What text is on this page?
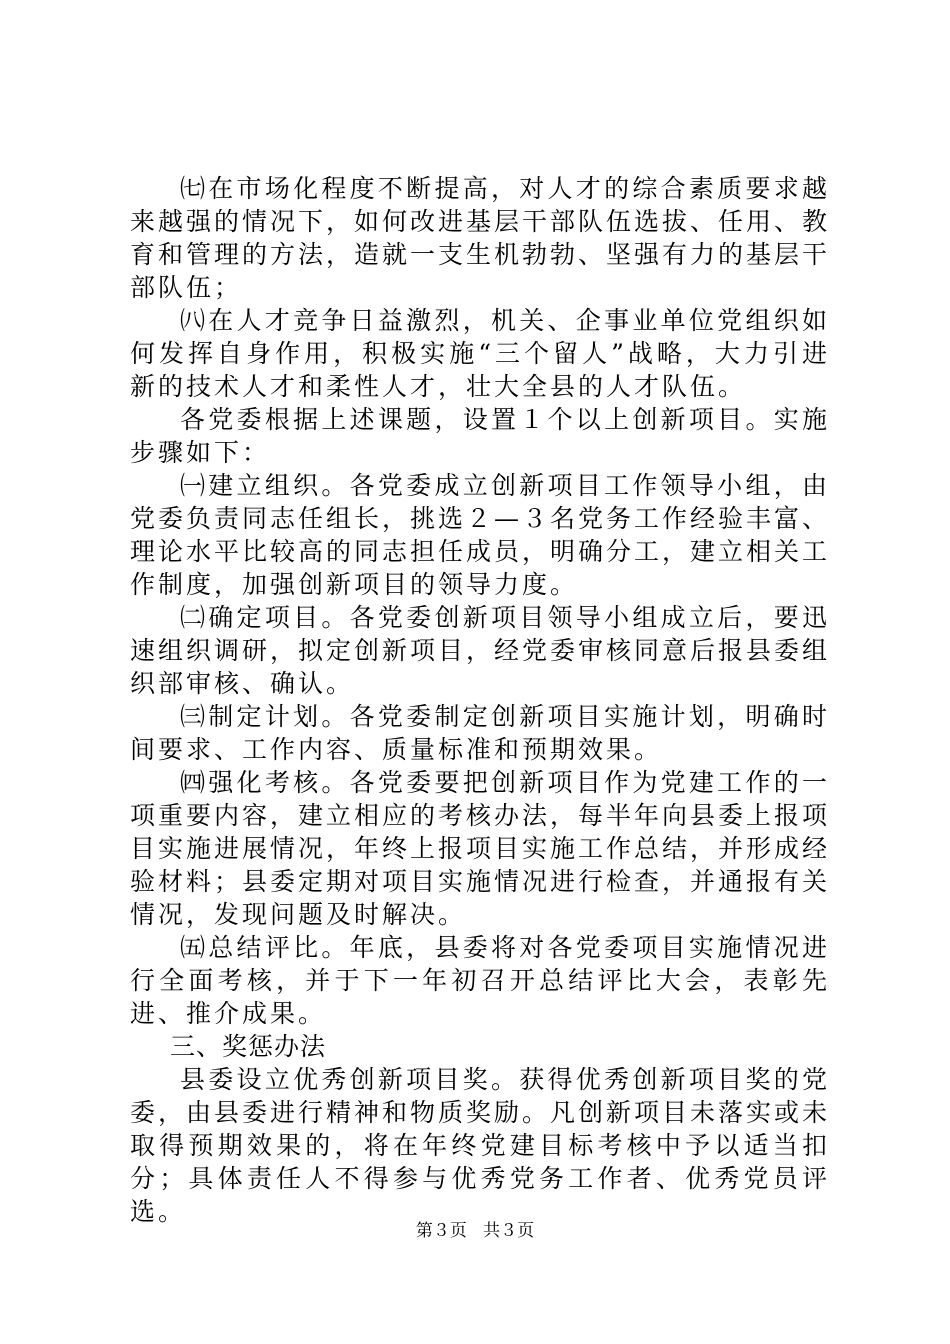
㈦在市场化程度不断提高，对人才的综合素质要求越来越强的情况下，如何改进基层干部队伍选拔、任用、教育和管理的方法，造就一支生机勃勃、坚强有力的基层干部队伍；

㈧在人才竞争日益激烈，机关、企事业单位党组织如何发挥自身作用，积极实施“三个留人”战略，大力引进新的技术人才和柔性人才，壮大全县的人才队伍。

各党委根据上述课题，设置１个以上创新项目。实施步骤如下：

㈠建立组织。各党委成立创新项目工作领导小组，由党委负责同志任组长，挑选２—３名党务工作经验丰富、理论水平比较高的同志担任成员，明确分工，建立相关工作制度，加强创新项目的领导力度。

㈡确定项目。各党委创新项目领导小组成立后，要迅速组织调研，拟定创新项目，经党委审核同意后报县委组织部审核、确认。

㈢制定计划。各党委制定创新项目实施计划，明确时间要求、工作内容、质量标准和预期效果。

㈣强化考核。各党委要把创新项目作为党建工作的一项重要内容，建立相应的考核办法，每半年向县委上报项目实施进展情况，年终上报项目实施工作总结，并形成经验材料；县委定期对项目实施情况进行检查，并通报有关情况，发现问题及时解决。

㈤总结评比。年底，县委将对各党委项目实施情况进行全面考核，并于下一年初召开总结评比大会，表彰先进、推介成果。

三、奖惩办法

县委设立优秀创新项目奖。获得优秀创新项目奖的党委，由县委进行精神和物质奖励。凡创新项目未落实或未取得预期效果的，将在年终党建目标考核中予以适当扣分；具体责任人不得参与优秀党务工作者、优秀党员评选。

第３页 共３页
